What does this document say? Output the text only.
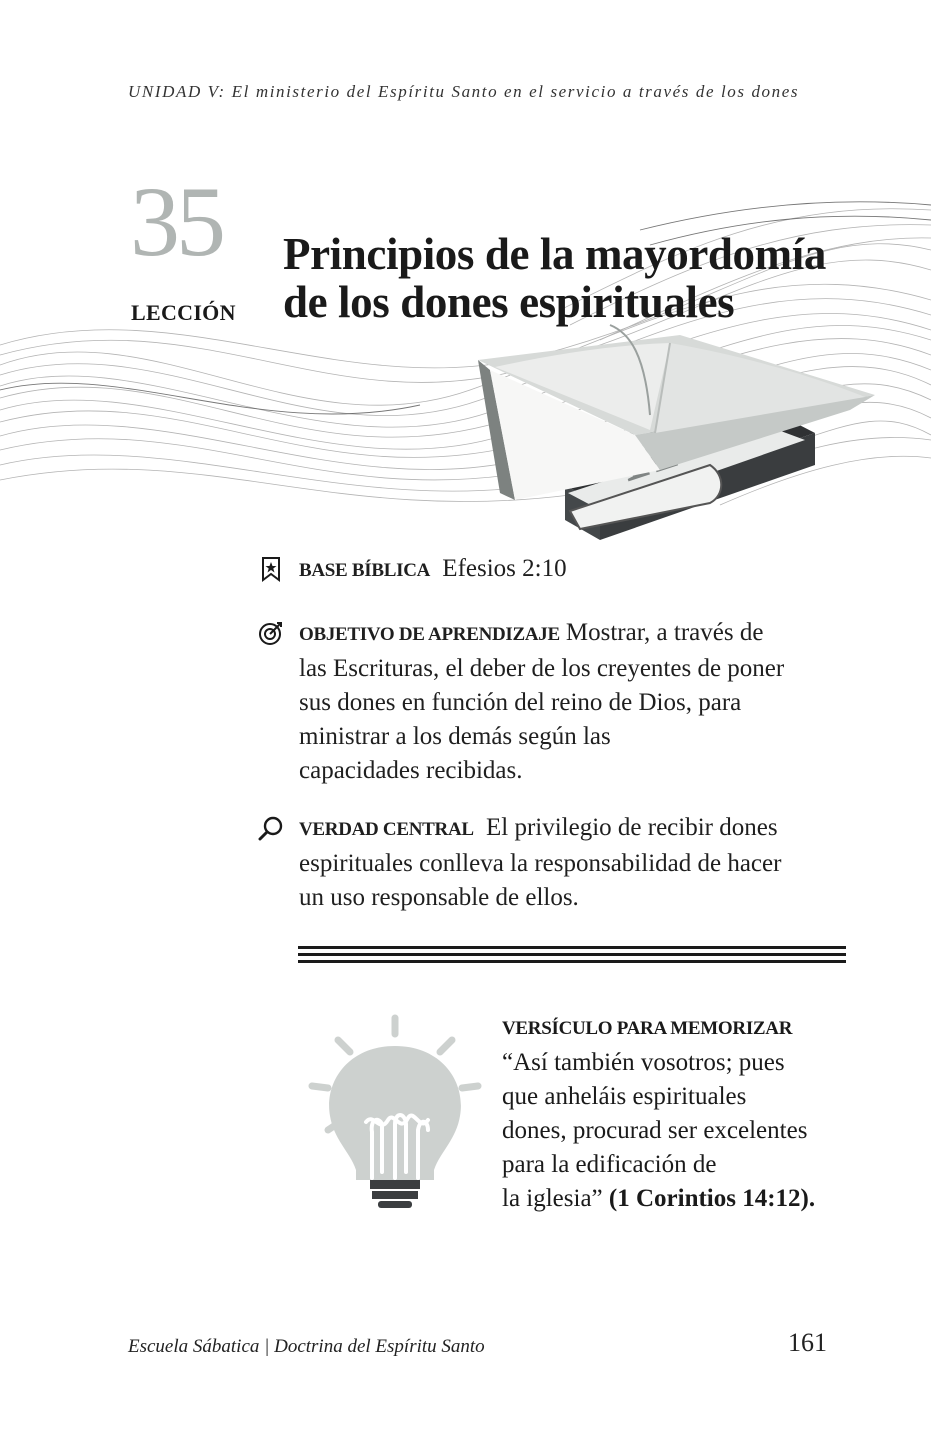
UNIDAD V: El ministerio del Espíritu Santo en el servicio a través de los dones
35
LECCIÓN
Principios de la mayordomía
de los dones espirituales
BASE BÍBLICA Efesios 2:10
OBJETIVO DE APRENDIZAJE Mostrar, a través de
las Escrituras, el deber de los creyentes de poner
sus dones en función del reino de Dios, para
ministrar a los demás según las
capacidades recibidas.
VERDAD CENTRAL El privilegio de recibir dones
espirituales conlleva la responsabilidad de hacer
un uso responsable de ellos.
VERSÍCULO PARA MEMORIZAR
“Así también vosotros; pues
que anheláis espirituales
dones, procurad ser excelentes
para la edificación de
la iglesia” (1 Corintios 14:12).
Escuela Sábatica | Doctrina del Espíritu Santo	161
